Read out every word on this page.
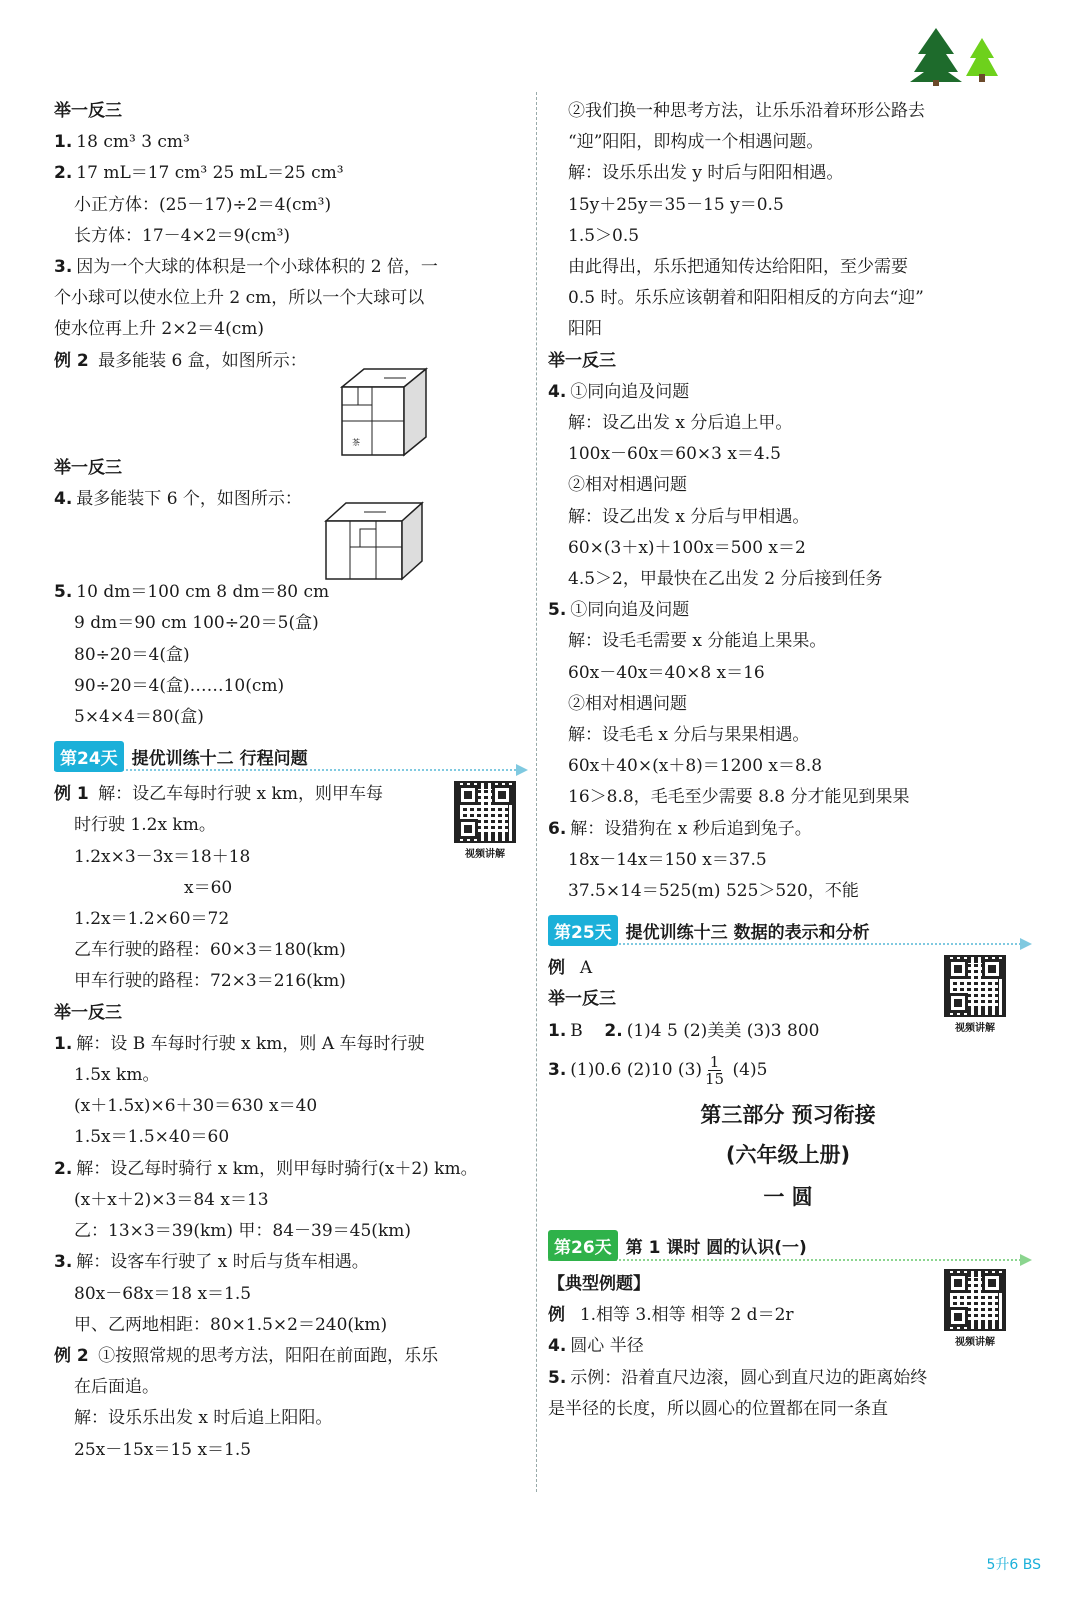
举一反三
1. 18 cm³ 3 cm³
2. 17 mL＝17 cm³ 25 mL＝25 cm³
小正方体：(25－17)÷2＝4(cm³)
长方体：17－4×2＝9(cm³)
3. 因为一个大球的体积是一个小球体积的 2 倍，一
个小球可以使水位上升 2 cm，所以一个大球可以
使水位再上升 2×2＝4(cm)
例 2 最多能装 6 盒，如图所示：
茶
举一反三
4. 最多能装下 6 个，如图所示：
5. 10 dm＝100 cm 8 dm＝80 cm
9 dm＝90 cm 100÷20＝5(盒)
80÷20＝4(盒)
90÷20＝4(盒)……10(cm)
5×4×4＝80(盒)
第24天 提优训练十二 行程问题
视频讲解
例 1 解：设乙车每时行驶 x km，则甲车每
时行驶 1.2x km。
1.2x×3－3x＝18＋18
x＝60
1.2x＝1.2×60＝72
乙车行驶的路程：60×3＝180(km)
甲车行驶的路程：72×3＝216(km)
举一反三
1. 解：设 B 车每时行驶 x km，则 A 车每时行驶
1.5x km。
(x＋1.5x)×6＋30＝630 x＝40
1.5x＝1.5×40＝60
2. 解：设乙每时骑行 x km，则甲每时骑行(x＋2) km。
(x＋x＋2)×3＝84 x＝13
乙：13×3＝39(km) 甲：84－39＝45(km)
3. 解：设客车行驶了 x 时后与货车相遇。
80x－68x＝18 x＝1.5
甲、乙两地相距：80×1.5×2＝240(km)
例 2 ①按照常规的思考方法，阳阳在前面跑，乐乐
在后面追。
解：设乐乐出发 x 时后追上阳阳。
25x－15x＝15 x＝1.5
②我们换一种思考方法，让乐乐沿着环形公路去
“迎”阳阳，即构成一个相遇问题。
解：设乐乐出发 y 时后与阳阳相遇。
15y＋25y＝35－15 y＝0.5
1.5＞0.5
由此得出，乐乐把通知传达给阳阳，至少需要
0.5 时。乐乐应该朝着和阳阳相反的方向去“迎”
阳阳
举一反三
4. ①同向追及问题
解：设乙出发 x 分后追上甲。
100x－60x＝60×3 x＝4.5
②相对相遇问题
解：设乙出发 x 分后与甲相遇。
60×(3＋x)＋100x＝500 x＝2
4.5＞2，甲最快在乙出发 2 分后接到任务
5. ①同向追及问题
解：设毛毛需要 x 分能追上果果。
60x－40x＝40×8 x＝16
②相对相遇问题
解：设毛毛 x 分后与果果相遇。
60x＋40×(x＋8)＝1200 x＝8.8
16＞8.8，毛毛至少需要 8.8 分才能见到果果
6. 解：设猎狗在 x 秒后追到兔子。
18x－14x＝150 x＝37.5
37.5×14＝525(m) 525＞520，不能
第25天 提优训练十三 数据的表示和分析
视频讲解
例 A
举一反三
1. B 2. (1)4 5 (2)美美 (3)3 800
3. (1)0.6 (2)10 $(3) \frac{1}{15} (4)5$
第三部分 预习衔接
(六年级上册)
一 圆
第26天 第 1 课时 圆的认识(一)
视频讲解
【典型例题】
例 1.相等 3.相等 相等 2 d＝2r
4. 圆心 半径
5. 示例：沿着直尺边滚，圆心到直尺边的距离始终
是半径的长度，所以圆心的位置都在同一条直
5升6 BS
